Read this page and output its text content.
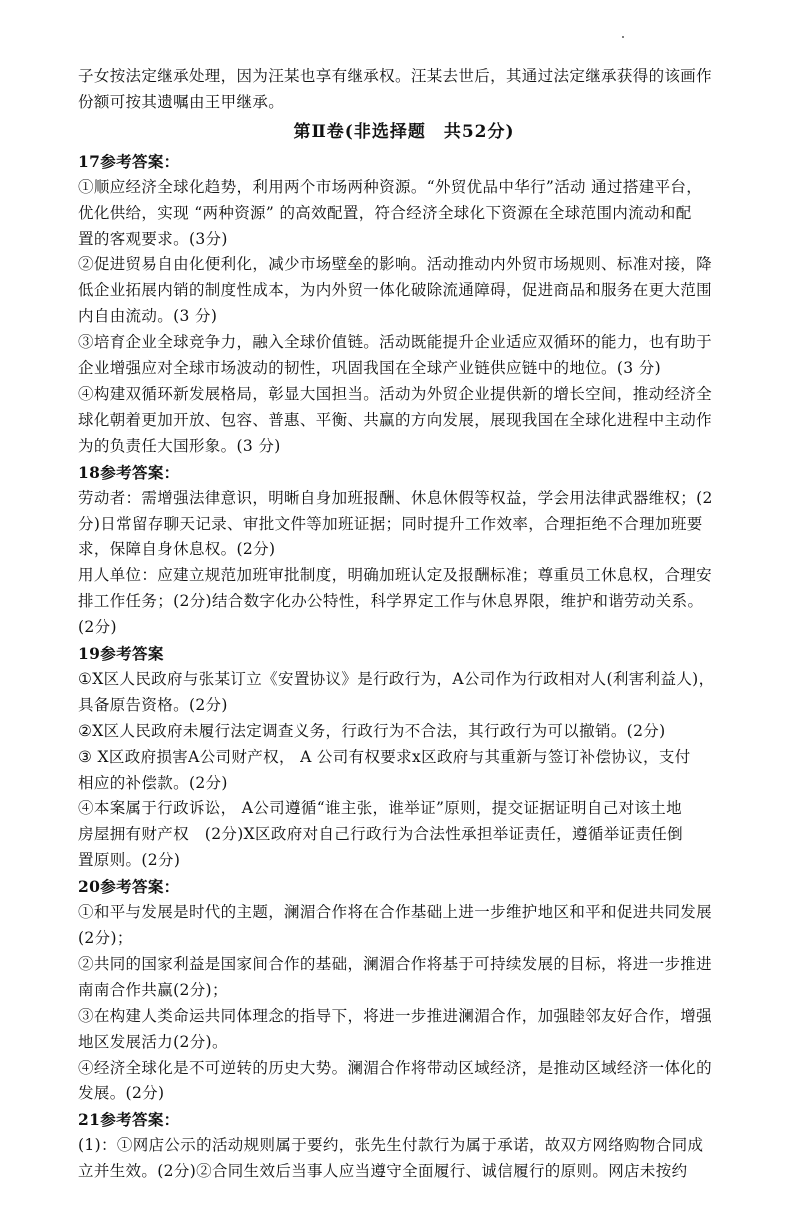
子女按法定继承处理，因为汪某也享有继承权。汪某去世后，其通过法定继承获得的该画作
份额可按其遗嘱由王甲继承。
第Ⅱ卷(非选择题　共52分)
17参考答案：
①顺应经济全球化趋势，利用两个市场两种资源。“外贸优品中华行”活动 通过搭建平台，
优化供给，实现 “两种资源” 的高效配置，符合经济全球化下资源在全球范围内流动和配
置的客观要求。(3分)
②促进贸易自由化便利化，减少市场壁垒的影响。活动推动内外贸市场规则、标准对接，降
低企业拓展内销的制度性成本，为内外贸一体化破除流通障碍，促进商品和服务在更大范围
内自由流动。(3 分)
③培育企业全球竞争力，融入全球价值链。活动既能提升企业适应双循环的能力，也有助于
企业增强应对全球市场波动的韧性，巩固我国在全球产业链供应链中的地位。(3 分)
④构建双循环新发展格局，彰显大国担当。活动为外贸企业提供新的增长空间，推动经济全
球化朝着更加开放、包容、普惠、平衡、共赢的方向发展，展现我国在全球化进程中主动作
为的负责任大国形象。(3 分)
18参考答案：
劳动者：需增强法律意识，明晰自身加班报酬、休息休假等权益，学会用法律武器维权；(2
分)日常留存聊天记录、审批文件等加班证据；同时提升工作效率，合理拒绝不合理加班要
求，保障自身休息权。(2分)
用人单位：应建立规范加班审批制度，明确加班认定及报酬标准；尊重员工休息权，合理安
排工作任务；(2分)结合数字化办公特性，科学界定工作与休息界限，维护和谐劳动关系。
(2分)
19参考答案
①X区人民政府与张某订立《安置协议》是行政行为，A公司作为行政相对人(利害利益人)，
具备原告资格。(2分)
②X区人民政府未履行法定调查义务，行政行为不合法，其行政行为可以撤销。(2分)
③ X区政府损害A公司财产权， A 公司有权要求x区政府与其重新与签订补偿协议，支付
相应的补偿款。(2分)
④本案属于行政诉讼， A公司遵循“谁主张，谁举证”原则，提交证据证明自己对该土地
房屋拥有财产权　(2分)X区政府对自己行政行为合法性承担举证责任，遵循举证责任倒
置原则。(2分)
20参考答案：
①和平与发展是时代的主题，澜湄合作将在合作基础上进一步维护地区和平和促进共同发展
(2分)；
②共同的国家利益是国家间合作的基础，澜湄合作将基于可持续发展的目标，将进一步推进
南南合作共赢(2分)；
③在构建人类命运共同体理念的指导下，将进一步推进澜湄合作，加强睦邻友好合作，增强
地区发展活力(2分)。
④经济全球化是不可逆转的历史大势。澜湄合作将带动区域经济，是推动区域经济一体化的
发展。(2分)
21参考答案：
(1)：①网店公示的活动规则属于要约，张先生付款行为属于承诺，故双方网络购物合同成
立并生效。(2分)②合同生效后当事人应当遵守全面履行、诚信履行的原则。网店未按约
